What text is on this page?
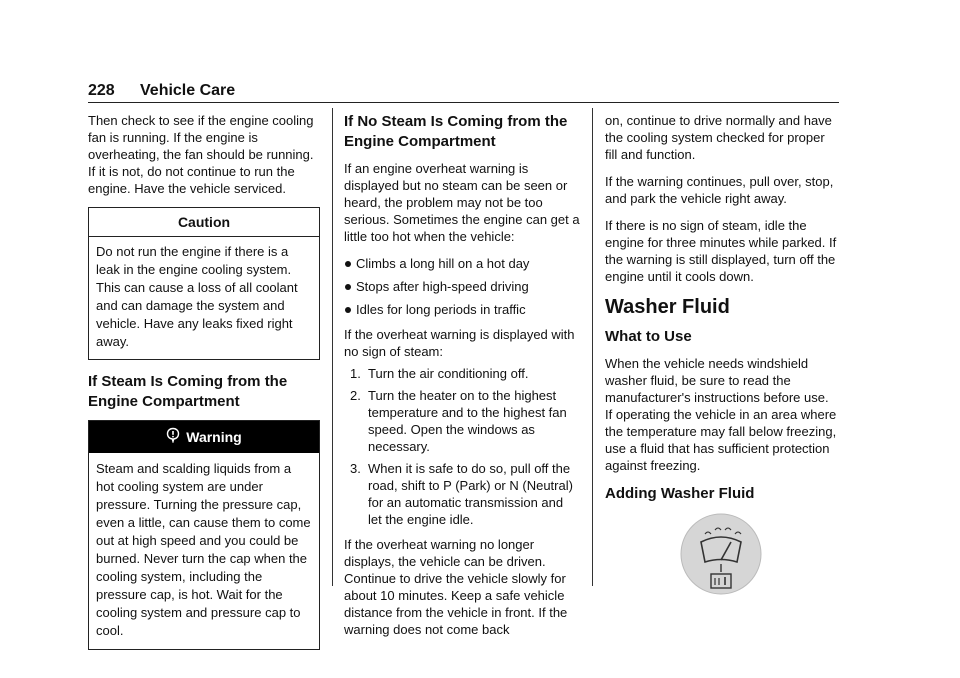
228 Vehicle Care

Then check to see if the engine cooling fan is running. If the engine is overheating, the fan should be running. If it is not, do not continue to run the engine. Have the vehicle serviced.

Caution
Do not run the engine if there is a leak in the engine cooling system. This can cause a loss of all coolant and can damage the system and vehicle. Have any leaks fixed right away.
If Steam Is Coming from the Engine Compartment
Warning
Steam and scalding liquids from a hot cooling system are under pressure. Turning the pressure cap, even a little, can cause them to come out at high speed and you could be burned. Never turn the cap when the cooling system, including the pressure cap, is hot. Wait for the cooling system and pressure cap to cool.
If No Steam Is Coming from the Engine Compartment

If an engine overheat warning is displayed but no steam can be seen or heard, the problem may not be too serious. Sometimes the engine can get a little too hot when the vehicle:

Climbs a long hill on a hot day
Stops after high-speed driving
Idles for long periods in traffic

If the overheat warning is displayed with no sign of steam:

1. Turn the air conditioning off.
2. Turn the heater on to the highest temperature and to the highest fan speed. Open the windows as necessary.
3. When it is safe to do so, pull off the road, shift to P (Park) or N (Neutral) for an automatic transmission and let the engine idle.

If the overheat warning no longer displays, the vehicle can be driven. Continue to drive the vehicle slowly for about 10 minutes. Keep a safe vehicle distance from the vehicle in front. If the warning does not come back

on, continue to drive normally and have the cooling system checked for proper fill and function.

If the warning continues, pull over, stop, and park the vehicle right away.

If there is no sign of steam, idle the engine for three minutes while parked. If the warning is still displayed, turn off the engine until it cools down.

Washer Fluid
What to Use

When the vehicle needs windshield washer fluid, be sure to read the manufacturer's instructions before use. If operating the vehicle in an area where the temperature may fall below freezing, use a fluid that has sufficient protection against freezing.

Adding Washer Fluid
